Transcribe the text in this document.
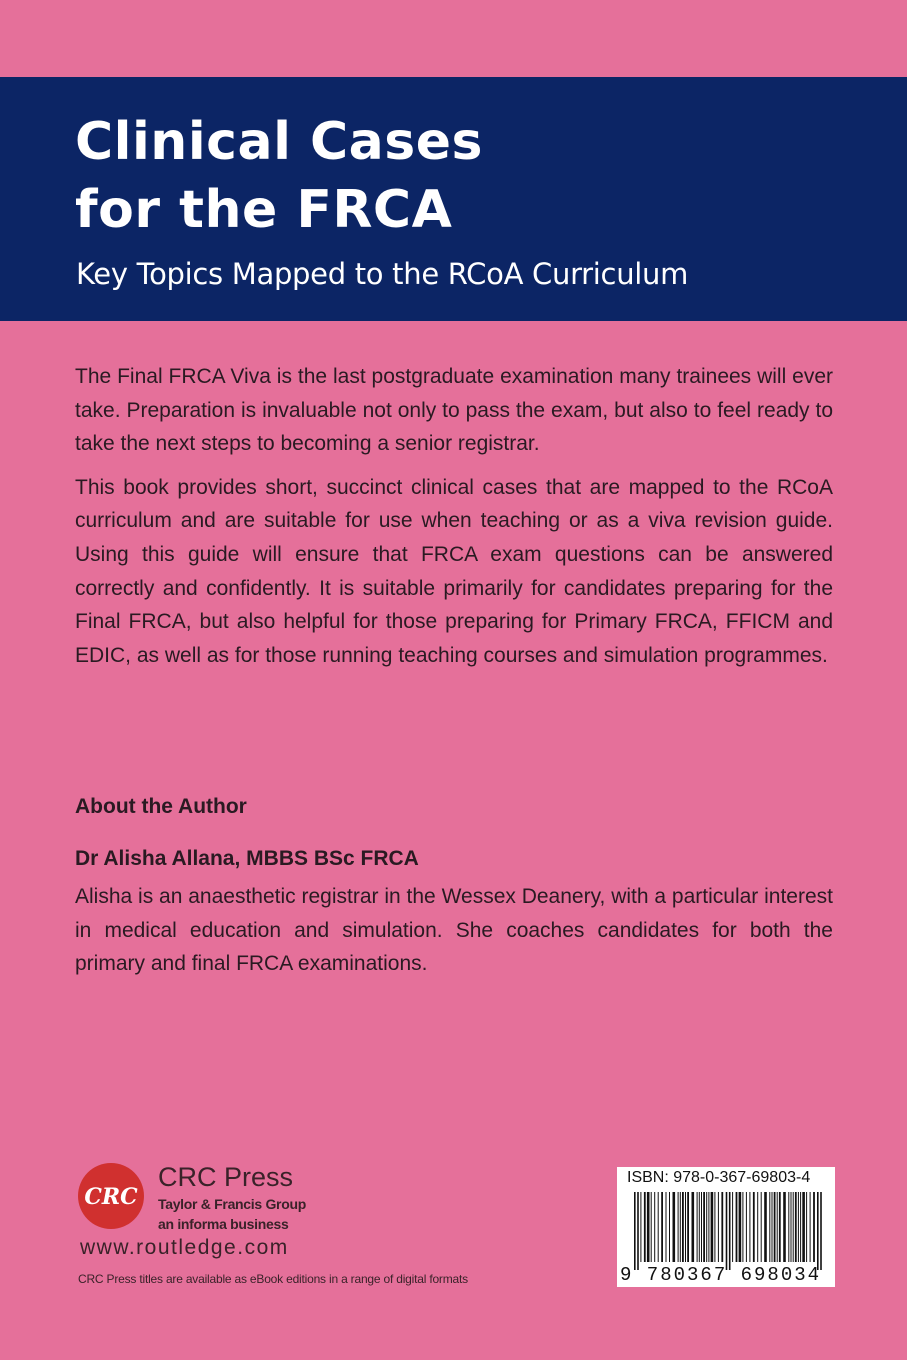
Clinical Cases
for the FRCA
Key Topics Mapped to the RCoA Curriculum

The Final FRCA Viva is the last postgraduate examination many trainees will ever take. Preparation is invaluable not only to pass the exam, but also to feel ready to take the next steps to becoming a senior registrar.

This book provides short, succinct clinical cases that are mapped to the RCoA curriculum and are suitable for use when teaching or as a viva revision guide. Using this guide will ensure that FRCA exam questions can be answered correctly and confidently. It is suitable primarily for candidates preparing for the Final FRCA, but also helpful for those preparing for Primary FRCA, FFICM and EDIC, as well as for those running teaching courses and simulation programmes.

About the Author
Dr Alisha Allana, MBBS BSc FRCA

Alisha is an anaesthetic registrar in the Wessex Deanery, with a particular interest in medical education and simulation. She coaches candidates for both the primary and final FRCA examinations.

CRC

CRC Press

Taylor & Francis Group

an informa business

www.routledge.com

CRC Press titles are available as eBook editions in a range of digital formats

ISBN: 978-0-367-69803-4

9 780367 698034
